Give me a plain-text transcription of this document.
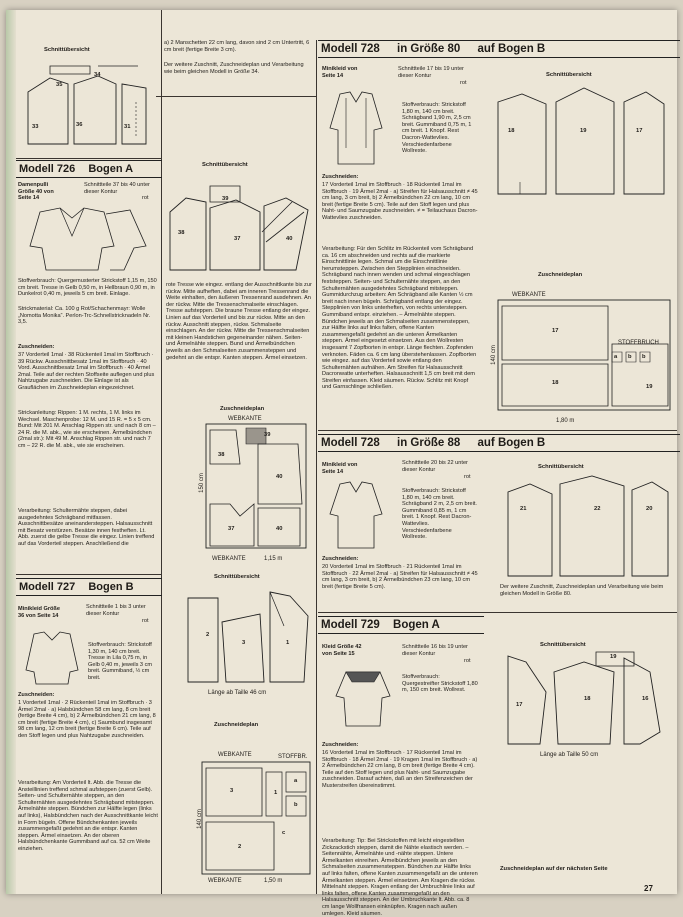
Schnittübersicht
33	36	31
35
34
a) 2 Manschetten 22 cm lang, davon sind 2 cm Untertritt, 6 cm breit (fertige Breite 3 cm).
Der weitere Zuschnitt, Zuschneideplan und Verarbeitung wie beim gleichen Modell in Größe 34.
Modell 726 Bogen A
Damenpulli Größe 40 von Seite 14
Schnittteile 37 bis 40 unter dieser Kontur
rot
Stoffverbrauch: Quergemusterter Strickstoff 1,15 m, 150 cm breit. Tresse in Gelb 0,50 m, in Hellbraun 0,90 m, in Dunkelrot 0,40 m, jeweils 5 cm breit. Einlage.
Strickmaterial: Ca. 100 g Rot/Schachenmayr: Wolle „Nomotta Monika“. Perlon-Trc-Schnellstricknadeln Nr. 3,5.
Zuschneiden:
37 Vorderteil 1mal · 38 Rückenteil 1mal im Stoffbruch · 39 Rückw. Ausschnittbesatz 1mal im Stoffbruch · 40 Vord. Ausschnittbesatz 1mal im Stoffbruch · 40 Ärmel 2mal. Teile auf der rechten Stoffseite auflegen und plus Nahtzugabe zuschneiden. Die Einlage ist als Grauflächen im Zuschneideplan eingezeichnet.
Strickanleitung: Rippen: 1 M. rechts, 1 M. links im Wechsel. Maschenprobe: 12 M. und 15 R. = 5 x 5 cm. Bund: Mit 201 M. Anschlag Rippen str. und nach 8 cm – 24 R. die M. abk., wie sie erscheinen. Ärmelbündchen (2mal str.): Mit 49 M. Anschlag Rippen str. und nach 7 cm – 22 R. die M. abk., wie sie erscheinen.
Verarbeitung: Schultermähte steppen, dabei ausgedehntes Schrägband mitfassen. Ausschnittbesätze aneinandersteppen. Halsausschnitt mit Besatz verstürzen. Besätze innen festheften. Lt. Abb. zuerst die gelbe Tresse die eingez. Linien treffend auf das Vorderteil steppen. Anschließend die
Schnittübersicht
38
39
37	40
rote Tresse wie eingez. entlang der Ausschnittkante bis zur rückw. Mitte aufheften, dabei am inneren Tressenrand die Weite einhalten, den äußeren Tressenrand ausdehnen. An der rückw. Mitte die Tressenschmalseite einschlagen. Tresse aufsteppen. Die braune Tresse entlang der eingez. Linien auf das Vorderteil und bis zur rückw. Mitte an den rückw. Ausschnitt steppen, rückw. Schmalseite einschlagen. An der rückw. Mitte die Tressenschmalseiten mit kleinen Handstichen gegeneinander nähen. Seiten- und Ärmelnähte steppen. Bund und Ärmelbündchen jeweils an den Schmalseiten zusammensteppen und gedehnt an die entspr. Kanten steppen. Ärmel einsetzen.
Zuschneideplan
WEBKANTE
39
38
40
37	40
150 cm
WEBKANTE	1,15 m
Modell 727 Bogen B
Minikleid Größe 36 von Seite 14
Schnittteile 1 bis 3 unter dieser Kontur
rot
Stoffverbrauch: Strickstoff 1,30 m, 140 cm breit. Tresse in Lila 0,75 m, in Gelb 0,40 m, jeweils 3 cm breit. Gummiband, ½ cm breit.
Zuschneiden:
1 Vorderteil 1mal · 2 Rückenteil 1mal im Stoffbruch · 3 Ärmel 2mal · a) Halsbündchen 58 cm lang, 8 cm breit (fertige Breite 4 cm), b) 2 Ärmelbündchen 21 cm lang, 8 cm breit (fertige Breite 4 cm), c) Saumbund insgesamt 98 cm lang, 12 cm breit (fertige Breite 6 cm). Teile auf den Stoff legen und plus Nahtzugabe zuschneiden.
Verarbeitung: Am Vorderteil lt. Abb. die Tresse die Ansteillinien treffend schmal aufsteppen (zuerst Gelb). Seiten- und Schulternähte steppen, an den Schulternähten ausgedehntes Schrägband mitsteppen. Ärmelnähte steppen. Bündchen zur Hälfte legen (links auf links), Halsbündchen nach der Ausschnittkante leicht in Form bügeln. Offene Bündchenkanten jeweils zusammengefaßt gedehnt an die entspr. Kanten steppen. Ärmel einsetzen. An der oberen Halsbündchenkante Gummiband auf ca. 52 cm Weite einziehen.
Schnittübersicht
2
3	1
Länge ab Taille 46 cm
Zuschneideplan
WEBKANTE	STOFFBR.
3
2
1
a
b
c
140 cm
WEBKANTE	1,50 m
Modell 728 in Größe 80 auf Bogen B
Minikleid von Seite 14
Schnittteile 17 bis 19 unter dieser Kontur
rot
Stoffverbrauch: Strickstoff 1,80 m, 140 cm breit. Schrägband 1,90 m, 2,5 cm breit. Gummiband 0,75 m, 1 cm breit. 1 Knopf. Rest Dacron-Wattevlies. Verschiedenfarbene Wollreste.
Zuschneiden:
17 Vorderteil 1mal im Stoffbruch · 18 Rückenteil 1mal im Stoffbruch · 19 Ärmel 2mal · a) Streifen für Halsausschnitt ≠ 45 cm lang, 3 cm breit, b) 2 Ärmelbündchen 22 cm lang, 10 cm breit (fertige Breite 5 cm). Teile auf den Stoff legen und plus Naht- und Saumzugabe zuschneiden. ≠ = Teilauchaus Dacron-Wattevlies zuschneiden.
Verarbeitung: Für den Schlitz im Rückenteil vom Schrägband ca. 16 cm abschneiden und rechts auf die markierte Einschnittlinie legen. Schmal um die Einschnittlinie herumsteppen. Zwischen den Stepplinien einschneiden. Schrägband nach innen wenden und schmal eingeschlagen feststeppen. Seiten- und Schulternähte steppen, an den Schulternähten ausgedehntes Schrägband mitsteppen. Gummidurchzug arbeiten: Am Schrägband alle Kanten ½ cm breit nach innen bügeln. Schrägband entlang der eingez. Stepplinien von links unterheften, von rechts untersteppen. Gummiband entspr. einziehen. – Ärmelnähte steppen. Bündchen jeweils an den Schmalseiten zusammensteppen, zur Hälfte links auf links falten, offene Kanten zusammengefaßt gedehnt an die unteren Ärmelkanten steppen. Ärmel eingesetzt einsetzen. Aus den Wollresten insgesamt 7 Zopfborten in entspr. Länge flechten. Zopfenden verknoten. Fäden ca. 6 cm lang überstehenlassen. Zopfborten wie eingez. auf das Vorderteil sowie entlang den Schulternähten aufnähen. Am Streifen für Halsausschnitt Dacronwatte unterheften. Halsausschnitt 1,5 cm breit mit dem Streifen einfassen. Kleid säumen. Rückw. Schlitz mit Knopf und Garnschlinge schließen.
Schnittübersicht
18	19	17
Zuschneideplan
WEBKANTE
STOFFBRUCH
17
18
19
a b b
140 cm
1,80 m
Modell 728 in Größe 88 auf Bogen B
Minikleid von Seite 14
Schnittteile 20 bis 22 unter dieser Kontur
rot
Stoffverbrauch: Strickstoff 1,80 m, 140 cm breit. Schrägband 2 m, 2,5 cm breit. Gummiband 0,85 m, 1 cm breit. 1 Knopf. Rest Dacron-Wattevlies. Verschiedenfarbene Wollreste.
Zuschneiden:
20 Vorderteil 1mal im Stoffbruch · 21 Rückenteil 1mal im Stoffbruch · 22 Ärmel 2mal · a) Streifen für Halsausschnitt ≠ 45 cm lang, 3 cm breit, b) 2 Ärmelbündchen 23 cm lang, 10 cm breit (fertige Breite 5 cm).
Schnittübersicht
21	22	20
Der weitere Zuschnitt, Zuschneideplan und Verarbeitung wie beim gleichen Modell in Größe 80.
Modell 729 Bogen A
Kleid Größe 42 von Seite 15
Schnittteile 16 bis 19 unter dieser Kontur
rot
Stoffverbrauch: Quergestreifter Strickstoff 1,80 m, 150 cm breit. Wollrest.
Zuschneiden:
16 Vorderteil 1mal im Stoffbruch · 17 Rückenteil 1mal im Stoffbruch · 18 Ärmel 2mal · 19 Kragen 1mal im Stoffbruch · a) 2 Ärmelbündchen 22 cm lang, 8 cm breit (fertige Breite 4 cm). Teile auf den Stoff legen und plus Naht- und Saumzugabe zuschneiden. Darauf achten, daß an den Streifenzeichen der Musterstreifen übereinstimmt.
Verarbeitung: Tip: Bei Strickstoffen mit leicht eingestellten Zickzackstich steppen, damit die Nähte elastisch werden. – Seitennähte, Ärmelnähte und -nähte steppen. Untere Ärmelkanten einreihen. Ärmelbündchen jeweils an den Schmalseiten zusammensteppen. Bündchen zur Hälfte links auf links falten, offene Kanten zusammengefaßt an die unteren Ärmelkanten steppen. Ärmel einsetzen. Am Kragen die rückw. Mittelnaht steppen. Kragen entlang der Umbruchlinie links auf links falten, offene Kanten zusammengefaßt an den Halsausschnitt steppen. An der Umbruchkante lt. Abb. ca. 8 cm lange Wollfransen einknüpfen. Kragen nach außen umlegen. Kleid säumen.
Schnittübersicht
17
18
19
16
Länge ab Taille 50 cm
Zuschneideplan auf der nächsten Seite
27
